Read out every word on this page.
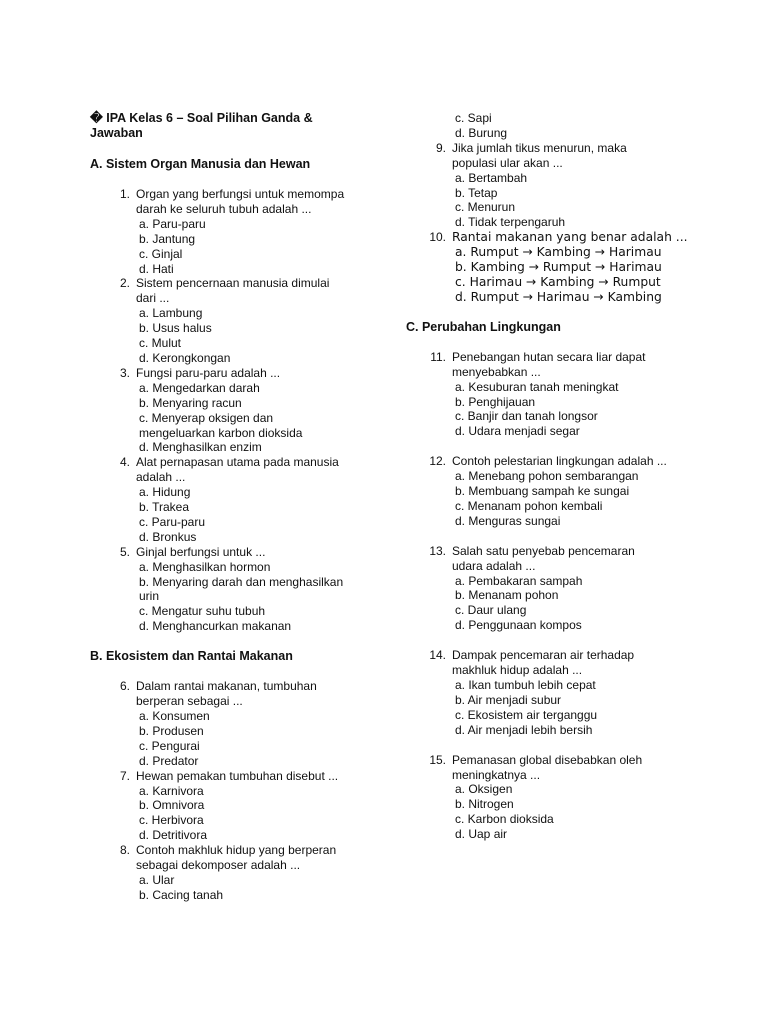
� IPA Kelas 6 – Soal Pilihan Ganda & Jawaban
A. Sistem Organ Manusia dan Hewan
1. Organ yang berfungsi untuk memompa darah ke seluruh tubuh adalah ...
a. Paru-paru
b. Jantung
c. Ginjal
d. Hati
2. Sistem pencernaan manusia dimulai dari ...
a. Lambung
b. Usus halus
c. Mulut
d. Kerongkongan
3. Fungsi paru-paru adalah ...
a. Mengedarkan darah
b. Menyaring racun
c. Menyerap oksigen dan mengeluarkan karbon dioksida
d. Menghasilkan enzim
4. Alat pernapasan utama pada manusia adalah ...
a. Hidung
b. Trakea
c. Paru-paru
d. Bronkus
5. Ginjal berfungsi untuk ...
a. Menghasilkan hormon
b. Menyaring darah dan menghasilkan urin
c. Mengatur suhu tubuh
d. Menghancurkan makanan
B. Ekosistem dan Rantai Makanan
6. Dalam rantai makanan, tumbuhan berperan sebagai ...
a. Konsumen
b. Produsen
c. Pengurai
d. Predator
7. Hewan pemakan tumbuhan disebut ...
a. Karnivora
b. Omnivora
c. Herbivora
d. Detritivora
8. Contoh makhluk hidup yang berperan sebagai dekomposer adalah ...
a. Ular
b. Cacing tanah
c. Sapi
d. Burung
9. Jika jumlah tikus menurun, maka populasi ular akan ...
a. Bertambah
b. Tetap
c. Menurun
d. Tidak terpengaruh
10. Rantai makanan yang benar adalah ...
a. Rumput → Kambing → Harimau
b. Kambing → Rumput → Harimau
c. Harimau → Kambing → Rumput
d. Rumput → Harimau → Kambing
C. Perubahan Lingkungan
11. Penebangan hutan secara liar dapat menyebabkan ...
a. Kesuburan tanah meningkat
b. Penghijauan
c. Banjir dan tanah longsor
d. Udara menjadi segar
12. Contoh pelestarian lingkungan adalah ...
a. Menebang pohon sembarangan
b. Membuang sampah ke sungai
c. Menanam pohon kembali
d. Menguras sungai
13. Salah satu penyebab pencemaran udara adalah ...
a. Pembakaran sampah
b. Menanam pohon
c. Daur ulang
d. Penggunaan kompos
14. Dampak pencemaran air terhadap makhluk hidup adalah ...
a. Ikan tumbuh lebih cepat
b. Air menjadi subur
c. Ekosistem air terganggu
d. Air menjadi lebih bersih
15. Pemanasan global disebabkan oleh meningkatnya ...
a. Oksigen
b. Nitrogen
c. Karbon dioksida
d. Uap air
